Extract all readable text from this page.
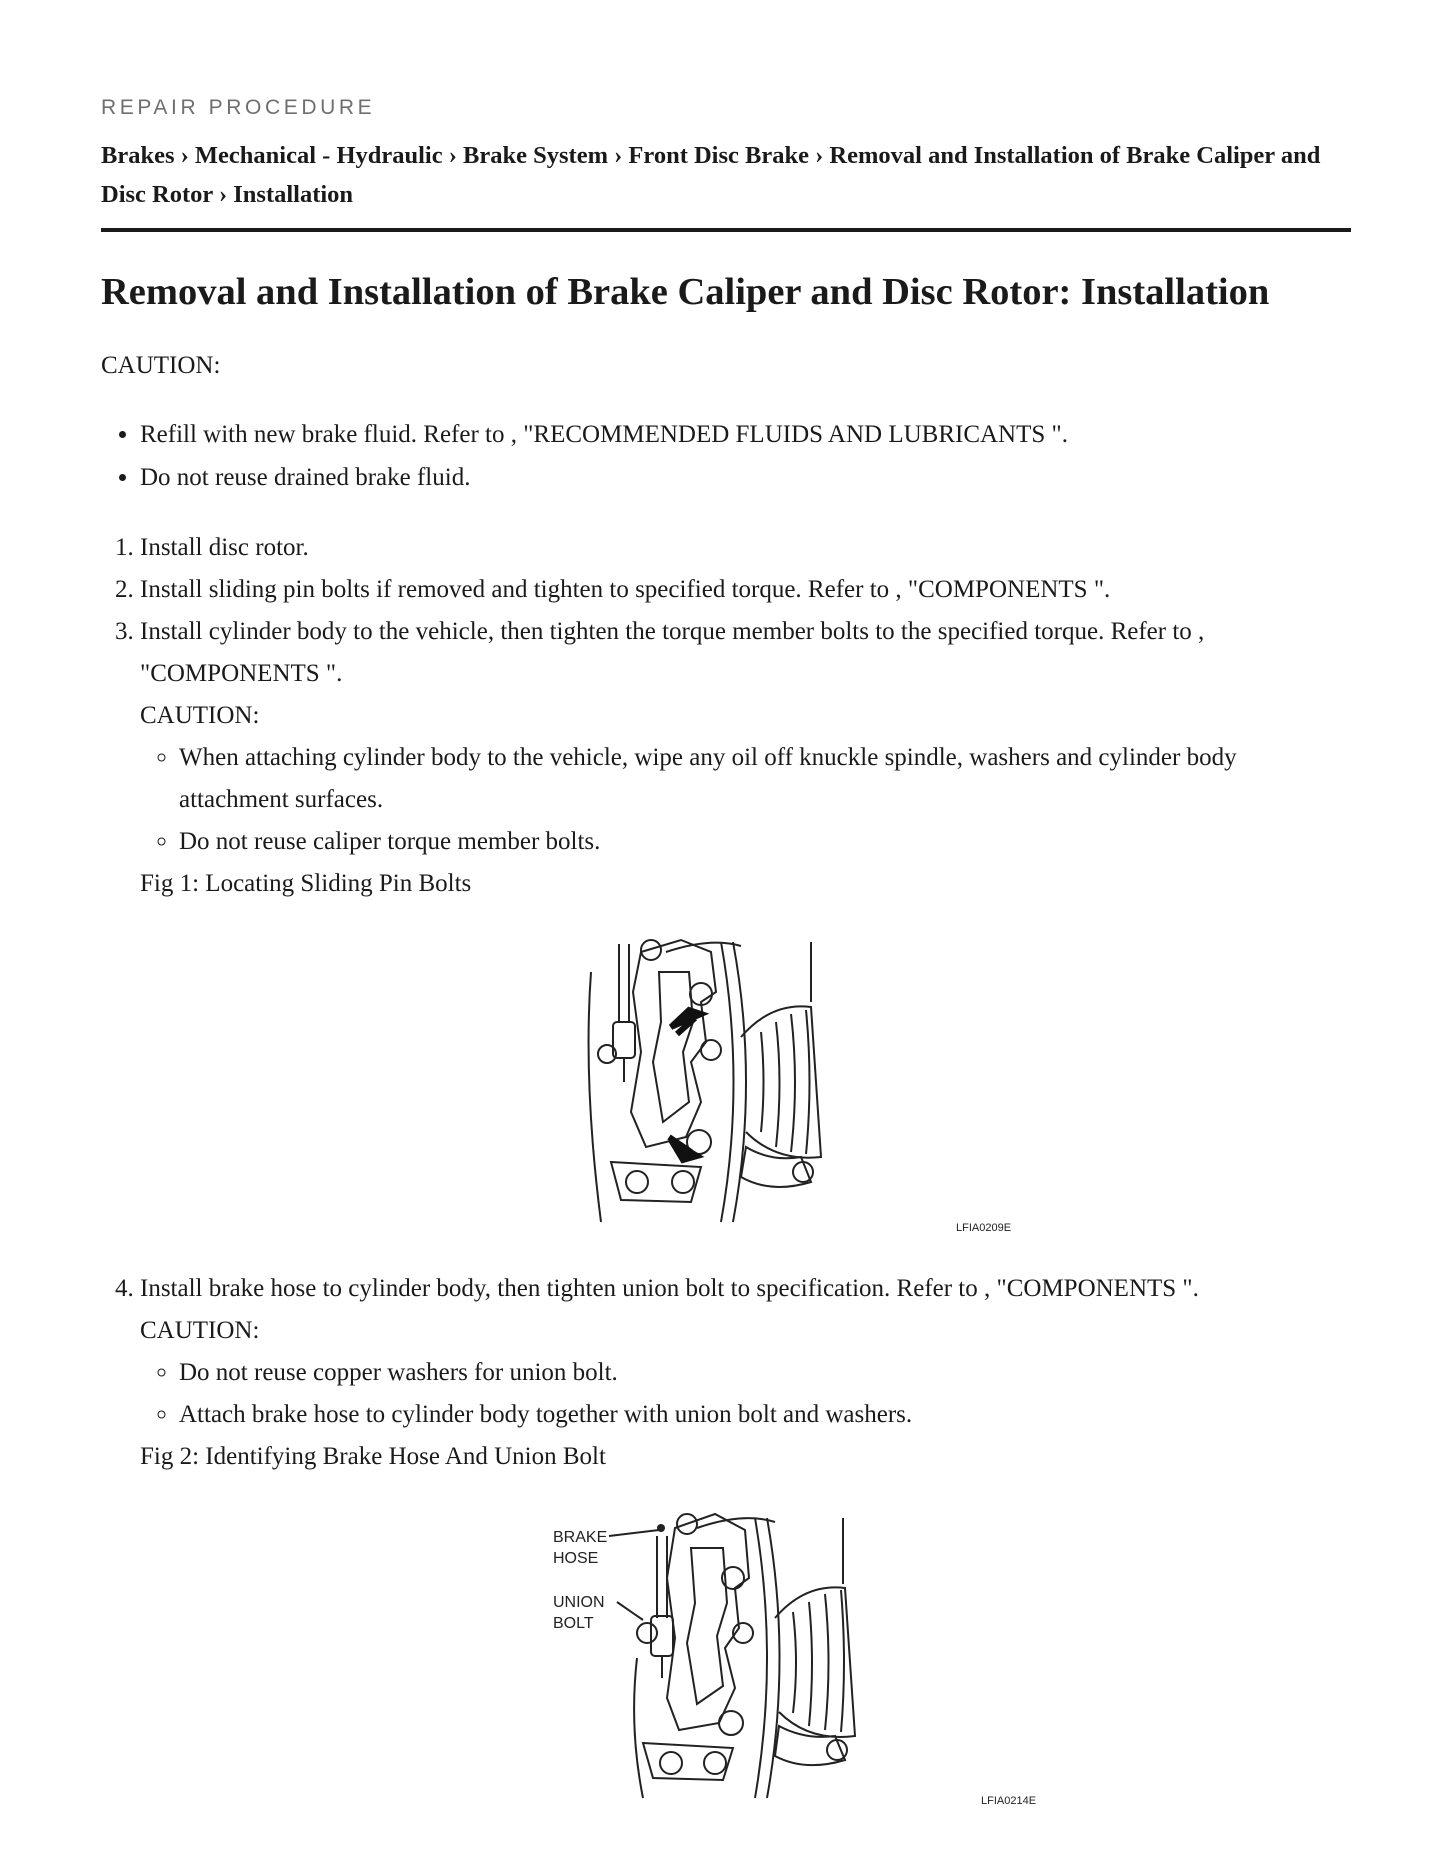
REPAIR PROCEDURE
Brakes › Mechanical - Hydraulic › Brake System › Front Disc Brake › Removal and Installation of Brake Caliper and Disc Rotor › Installation
Removal and Installation of Brake Caliper and Disc Rotor: Installation
CAUTION:
• Refill with new brake fluid. Refer to , "RECOMMENDED FLUIDS AND LUBRICANTS ".
• Do not reuse drained brake fluid.
1. Install disc rotor.
2. Install sliding pin bolts if removed and tighten to specified torque. Refer to , "COMPONENTS ".
3. Install cylinder body to the vehicle, then tighten the torque member bolts to the specified torque. Refer to , "COMPONENTS ".
CAUTION:
◦ When attaching cylinder body to the vehicle, wipe any oil off knuckle spindle, washers and cylinder body attachment surfaces.
◦ Do not reuse caliper torque member bolts.
Fig 1: Locating Sliding Pin Bolts
LFIA0209E
4. Install brake hose to cylinder body, then tighten union bolt to specification. Refer to , "COMPONENTS ".
CAUTION:
◦ Do not reuse copper washers for union bolt.
◦ Attach brake hose to cylinder body together with union bolt and washers.
Fig 2: Identifying Brake Hose And Union Bolt
BRAKE
HOSE
UNION
BOLT
LFIA0214E
